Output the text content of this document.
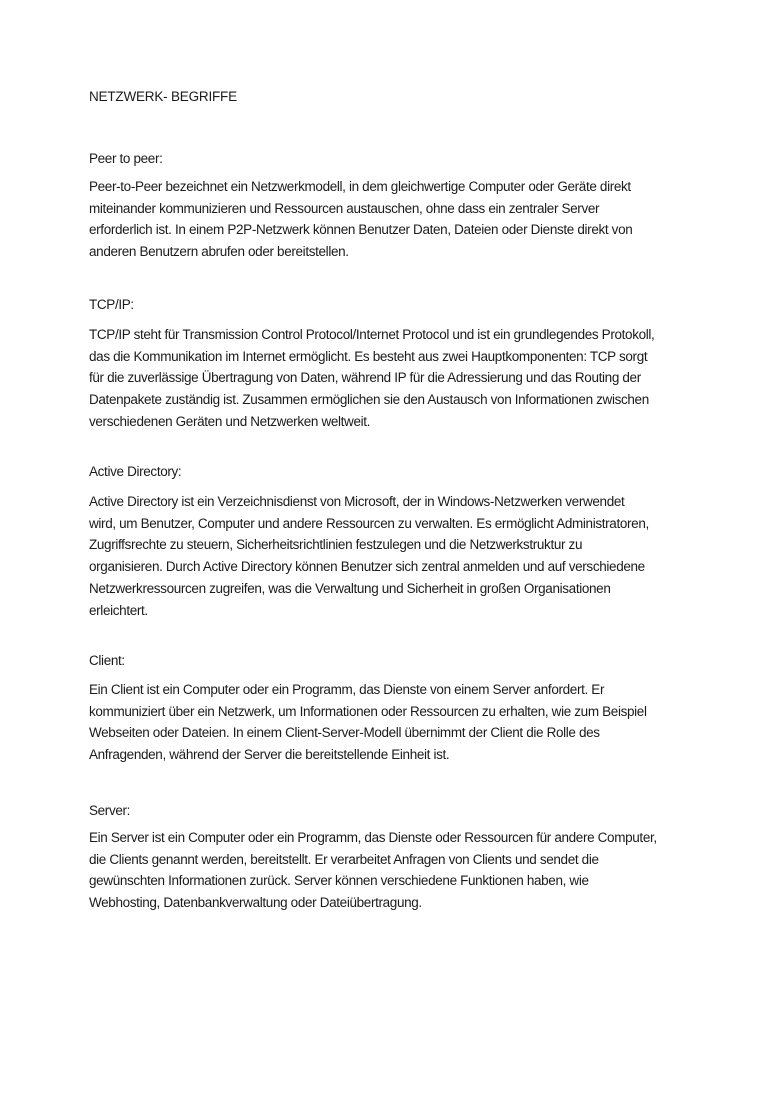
NETZWERK- BEGRIFFE
Peer to peer:
Peer-to-Peer bezeichnet ein Netzwerkmodell, in dem gleichwertige Computer oder Geräte direkt
miteinander kommunizieren und Ressourcen austauschen, ohne dass ein zentraler Server
erforderlich ist. In einem P2P-Netzwerk können Benutzer Daten, Dateien oder Dienste direkt von
anderen Benutzern abrufen oder bereitstellen.
TCP/IP:
TCP/IP steht für Transmission Control Protocol/Internet Protocol und ist ein grundlegendes Protokoll,
das die Kommunikation im Internet ermöglicht. Es besteht aus zwei Hauptkomponenten: TCP sorgt
für die zuverlässige Übertragung von Daten, während IP für die Adressierung und das Routing der
Datenpakete zuständig ist. Zusammen ermöglichen sie den Austausch von Informationen zwischen
verschiedenen Geräten und Netzwerken weltweit.
Active Directory:
Active Directory ist ein Verzeichnisdienst von Microsoft, der in Windows-Netzwerken verwendet
wird, um Benutzer, Computer und andere Ressourcen zu verwalten. Es ermöglicht Administratoren,
Zugriffsrechte zu steuern, Sicherheitsrichtlinien festzulegen und die Netzwerkstruktur zu
organisieren. Durch Active Directory können Benutzer sich zentral anmelden und auf verschiedene
Netzwerkressourcen zugreifen, was die Verwaltung und Sicherheit in großen Organisationen
erleichtert.
Client:
Ein Client ist ein Computer oder ein Programm, das Dienste von einem Server anfordert. Er
kommuniziert über ein Netzwerk, um Informationen oder Ressourcen zu erhalten, wie zum Beispiel
Webseiten oder Dateien. In einem Client-Server-Modell übernimmt der Client die Rolle des
Anfragenden, während der Server die bereitstellende Einheit ist.
Server:
Ein Server ist ein Computer oder ein Programm, das Dienste oder Ressourcen für andere Computer,
die Clients genannt werden, bereitstellt. Er verarbeitet Anfragen von Clients und sendet die
gewünschten Informationen zurück. Server können verschiedene Funktionen haben, wie
Webhosting, Datenbankverwaltung oder Dateiübertragung.
